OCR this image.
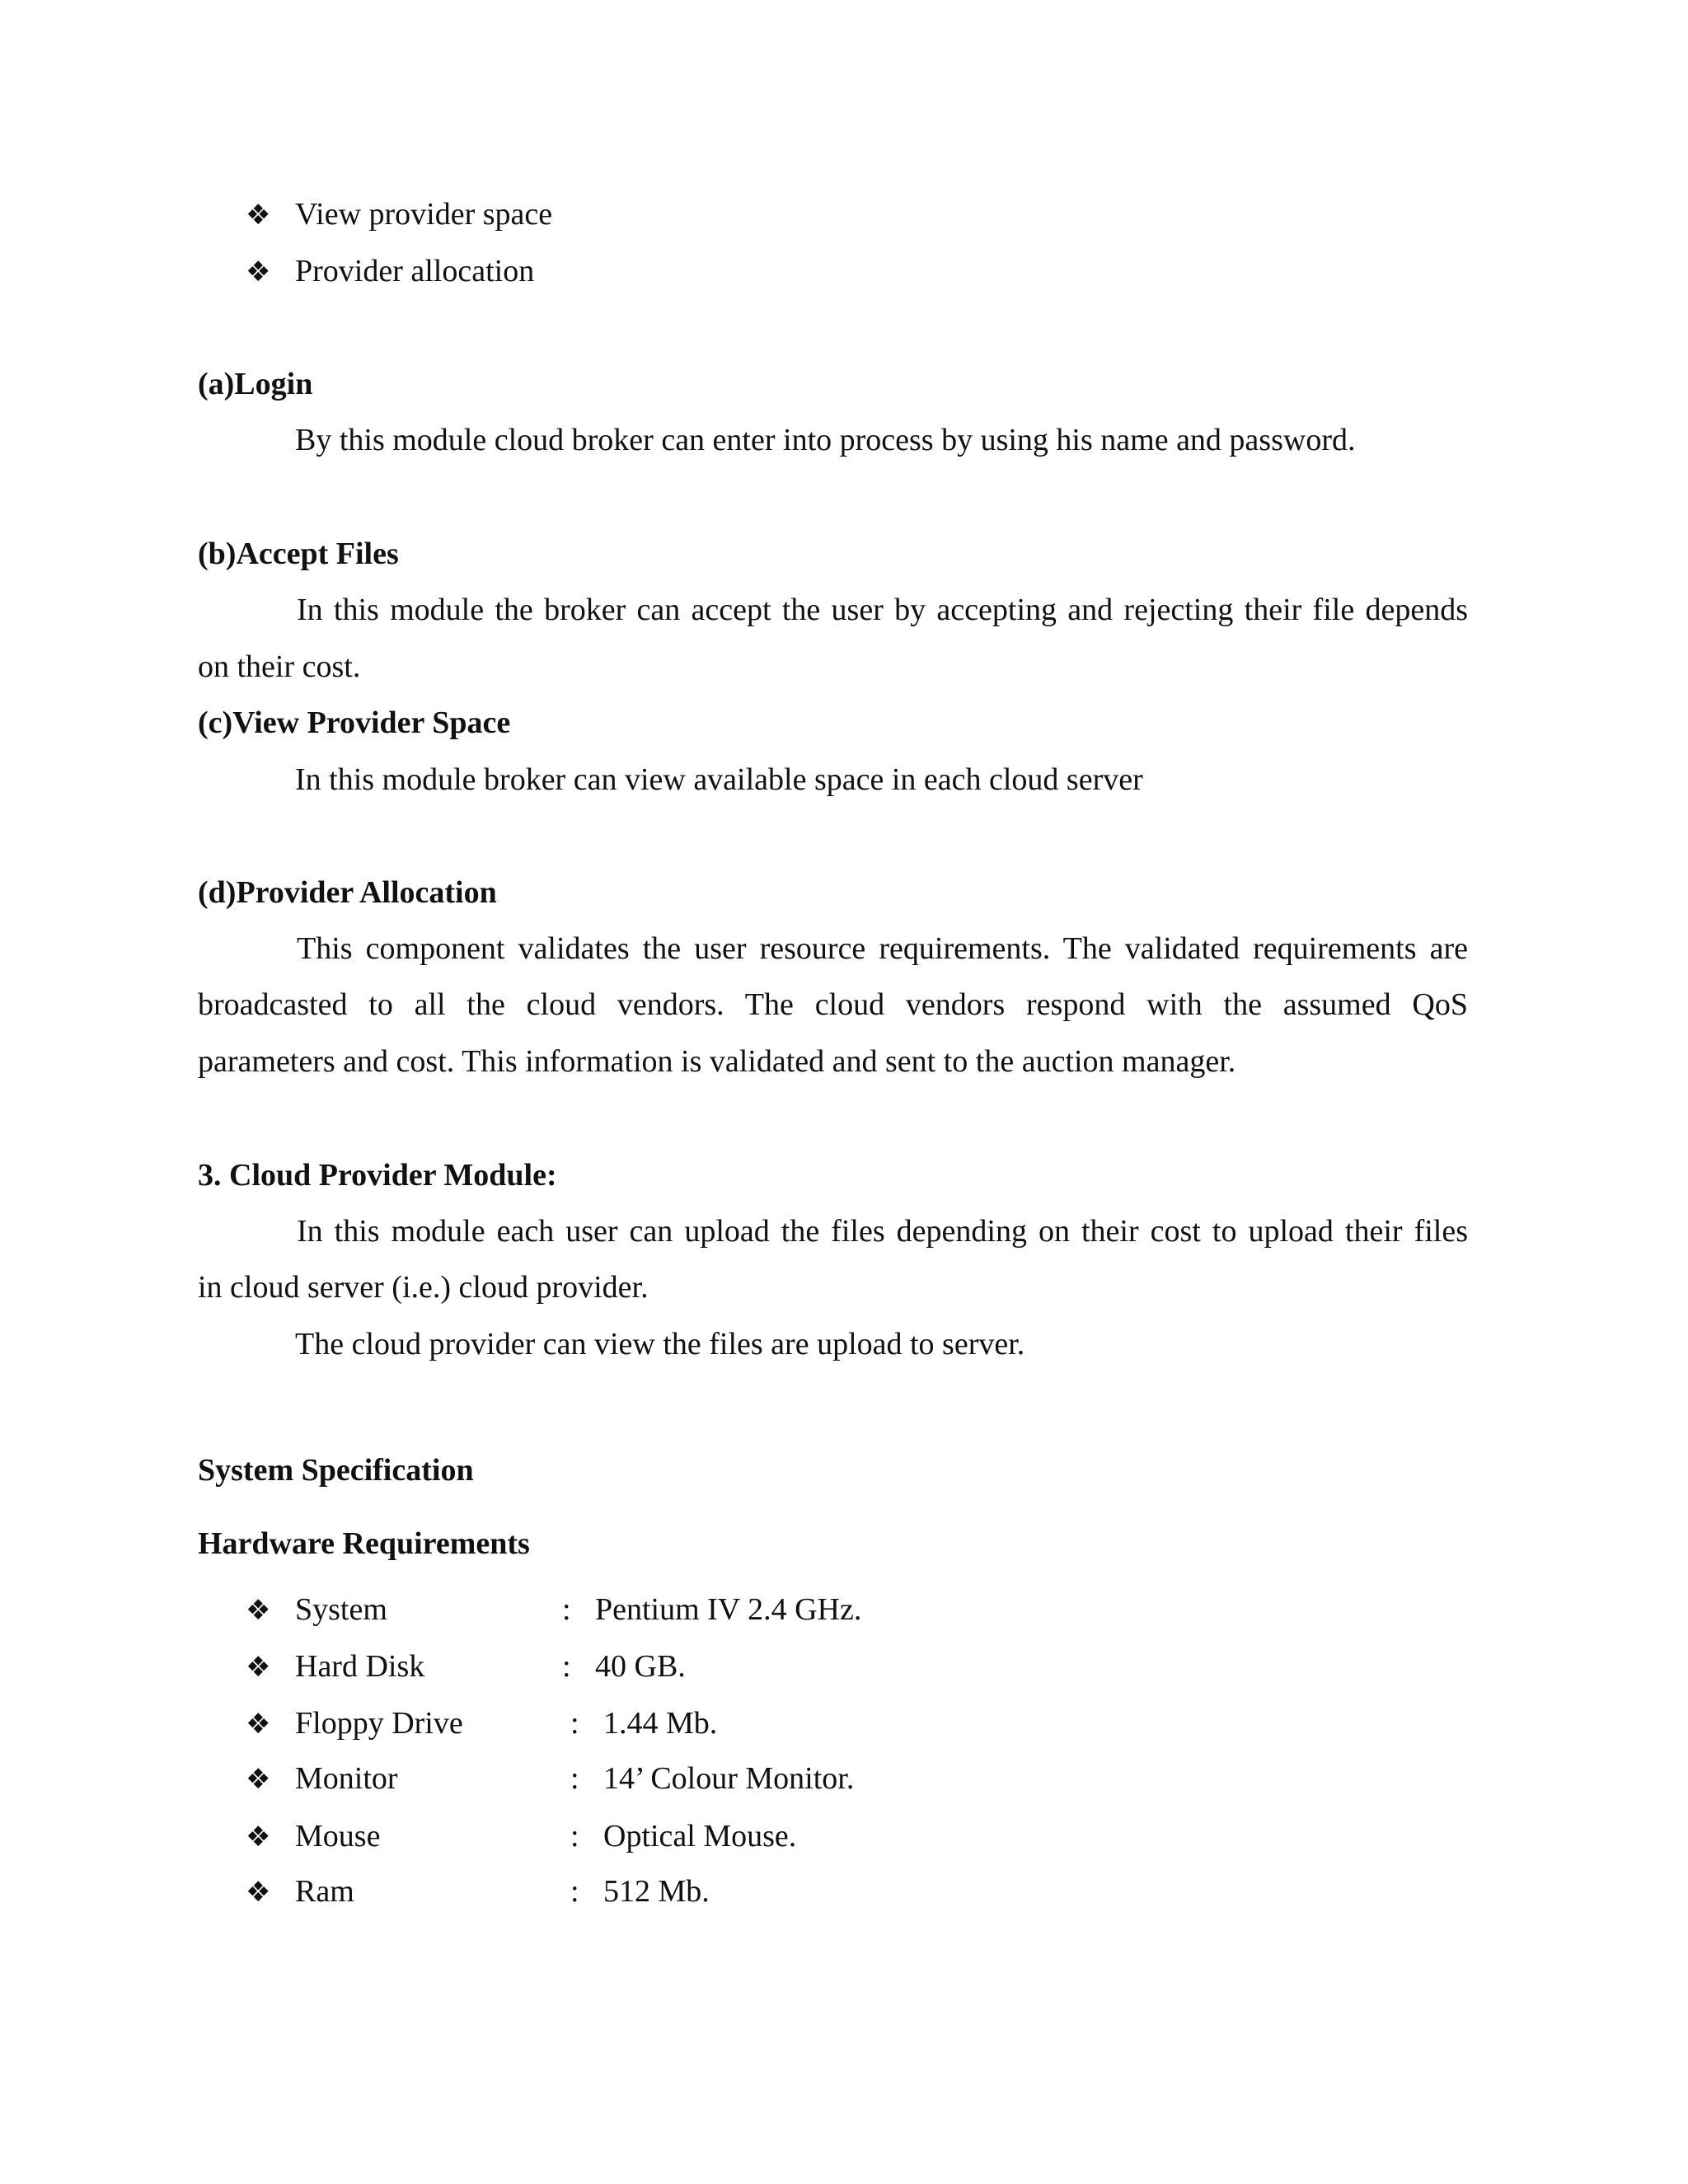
❖ View provider space
❖ Provider allocation
(a)Login
By this module cloud broker can enter into process by using his name and password.
(b)Accept Files
In this module the broker can accept the user by accepting and rejecting their file depends
on their cost.
(c)View Provider Space
In this module broker can view available space in each cloud server
(d)Provider Allocation
This component validates the user resource requirements. The validated requirements are
broadcasted to all the cloud vendors. The cloud vendors respond with the assumed QoS
parameters and cost. This information is validated and sent to the auction manager.
3. Cloud Provider Module:
In this module each user can upload the files depending on their cost to upload their files
in cloud server (i.e.) cloud provider.
The cloud provider can view the files are upload to server.
System Specification
Hardware Requirements
❖ System	: Pentium IV 2.4 GHz.
❖ Hard Disk	: 40 GB.
❖ Floppy Drive	: 1.44 Mb.
❖ Monitor	: 14’ Colour Monitor.
❖ Mouse	: Optical Mouse.
❖ Ram	: 512 Mb.
